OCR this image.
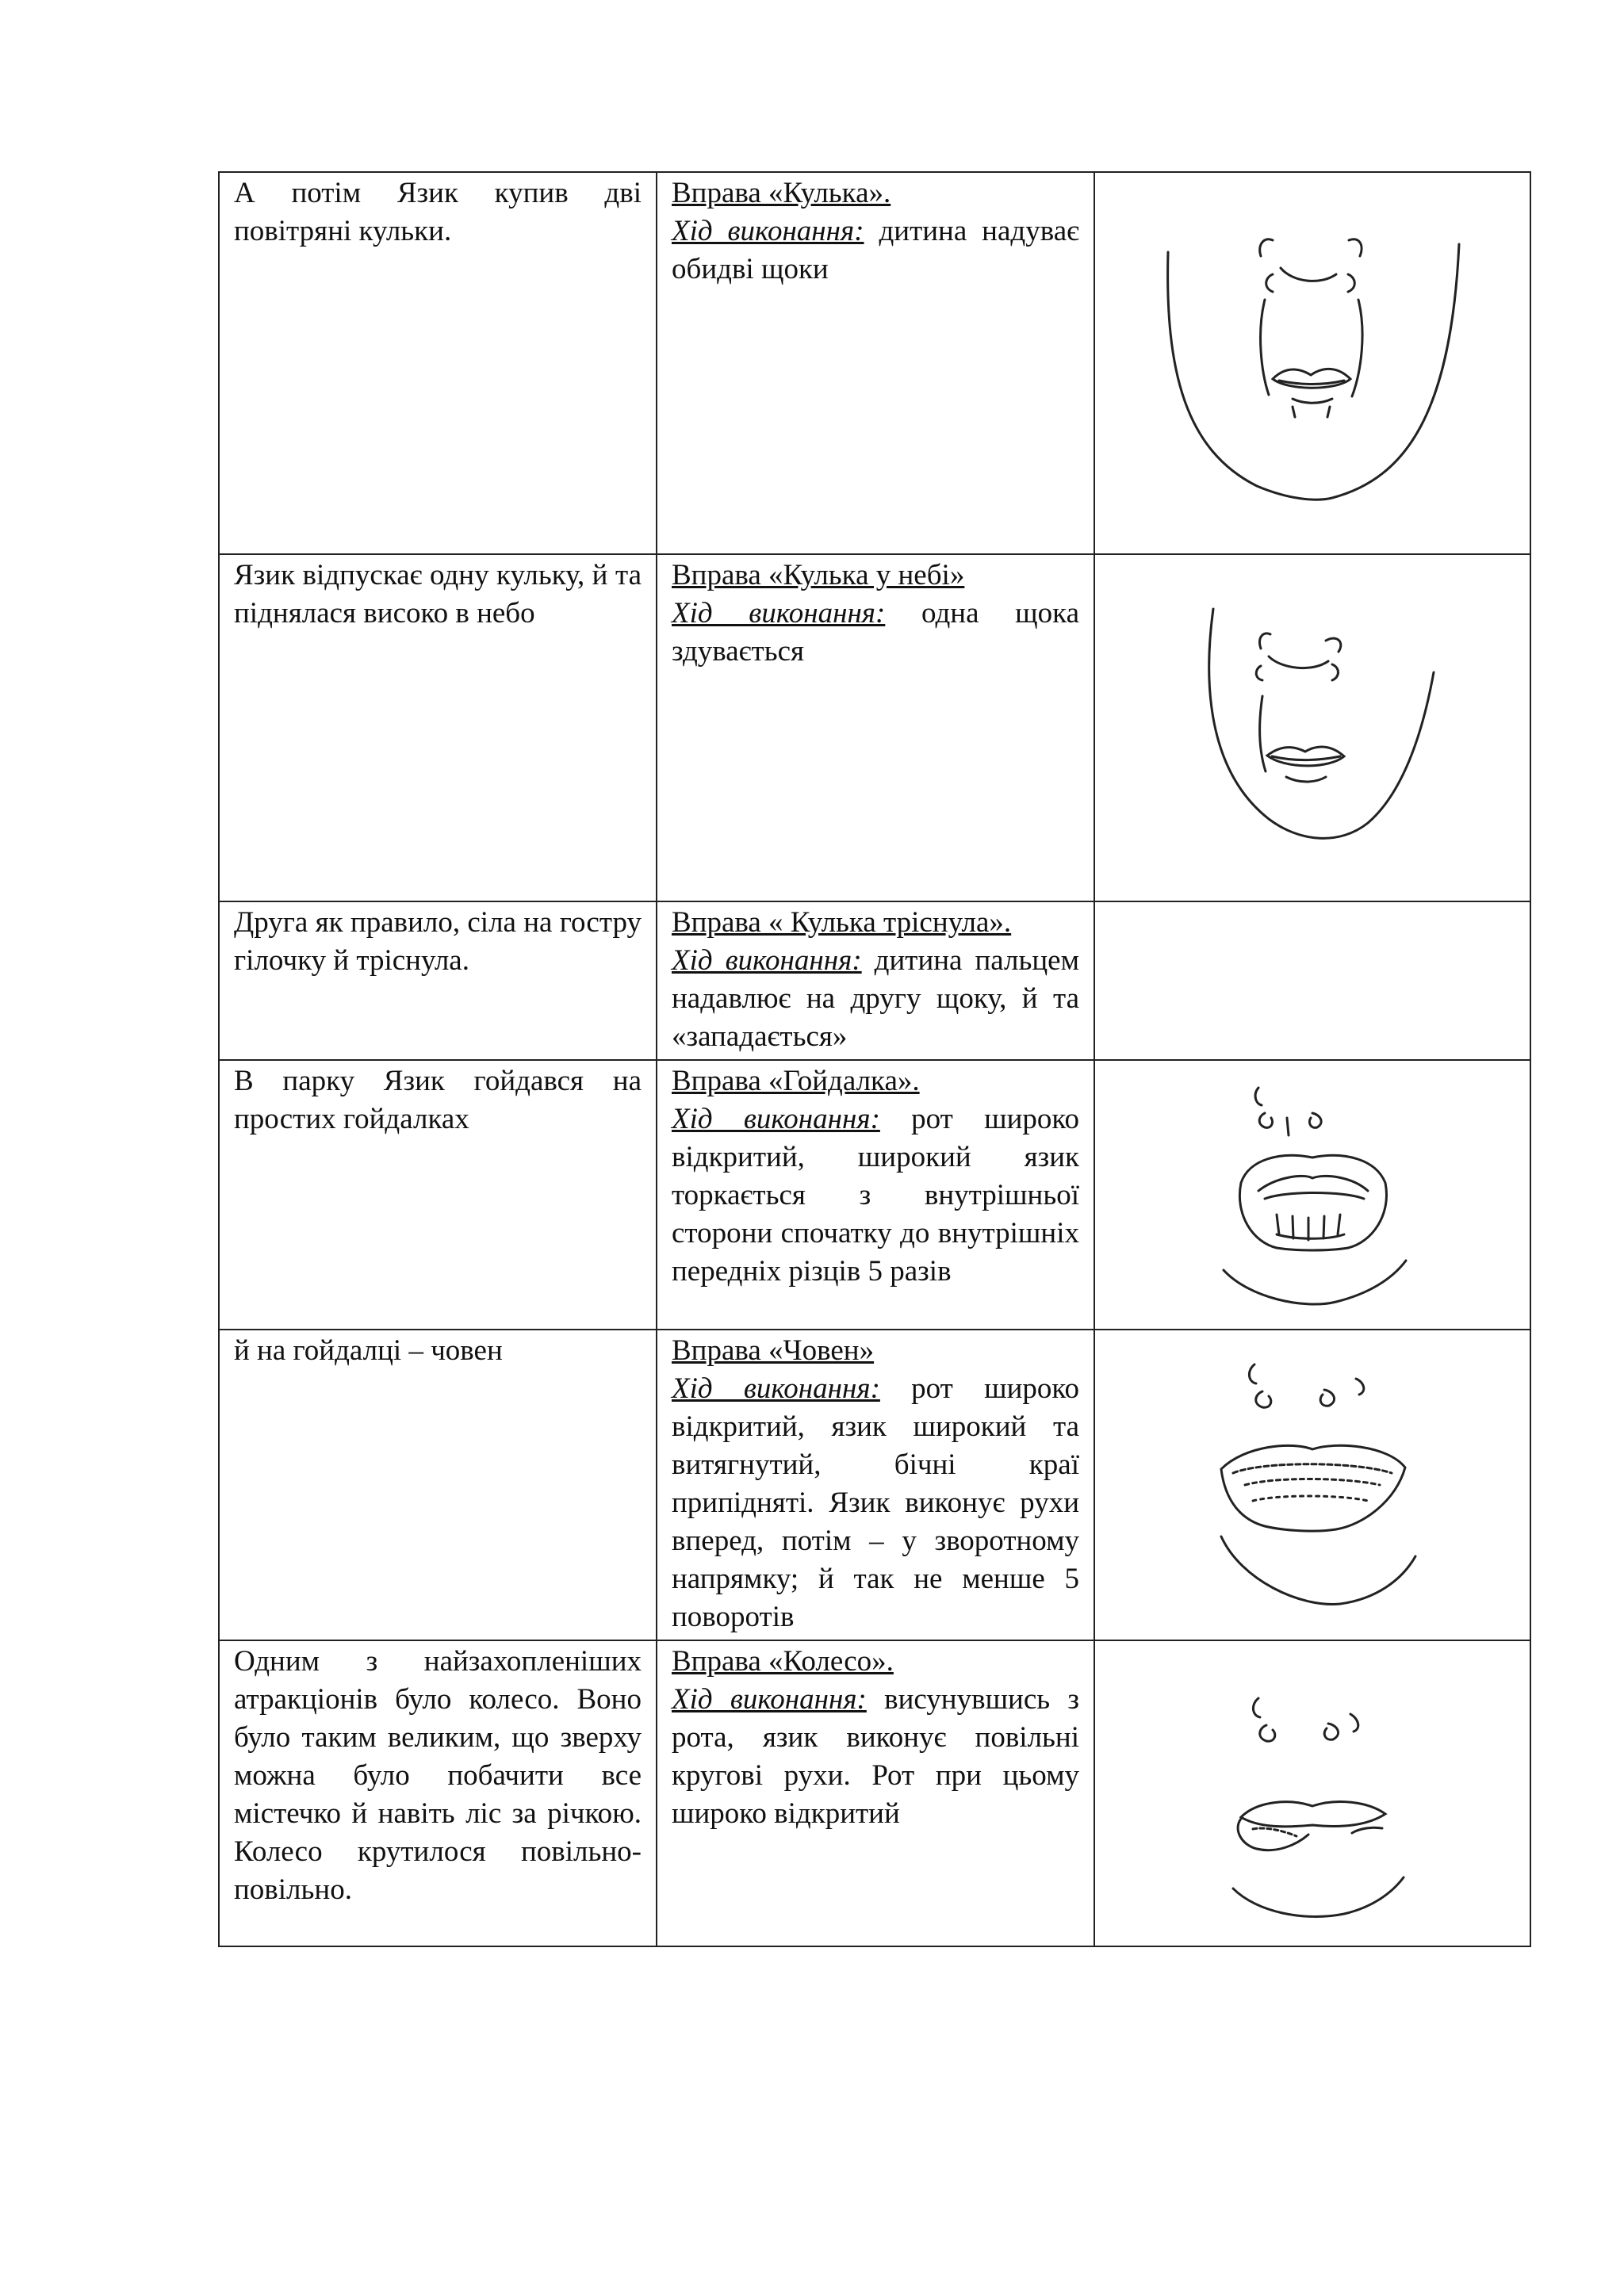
А потім Язик купив дві повітряні кульки.	Вправа «Кулька».
Хід виконання: дитина надуває обидві щоки	

Язик відпускає одну кульку, й та піднялася високо в небо	Вправа «Кулька у небі»
Хід виконання: одна щока здувається	

Друга як правило, сіла на гостру гілочку й тріснула.	Вправа « Кулька тріснула».
Хід виконання: дитина пальцем надавлює на другу щоку, й та «западається»	
В парку Язик гойдався на простих гойдалках	Вправа «Гойдалка».
Хід виконання: рот широко відкритий, широкий язик торкається з внутрішньої сторони спочатку до внутрішніх передніх різців 5 разів	

й на гойдалці – човен	Вправа «Човен»
Хід виконання: рот широко відкритий, язик широкий та витягнутий, бічні краї припідняті. Язик виконує рухи вперед, потім – у зворотному напрямку; й так не менше 5 поворотів	

Одним з найзахопленіших атракціонів було колесо. Воно було таким великим, що зверху можна було побачити все містечко й навіть ліс за річкою. Колесо крутилося повільно-повільно.	Вправа «Колесо».
Хід виконання: висунувшись з рота, язик виконує повільні кругові рухи. Рот при цьому широко відкритий	
